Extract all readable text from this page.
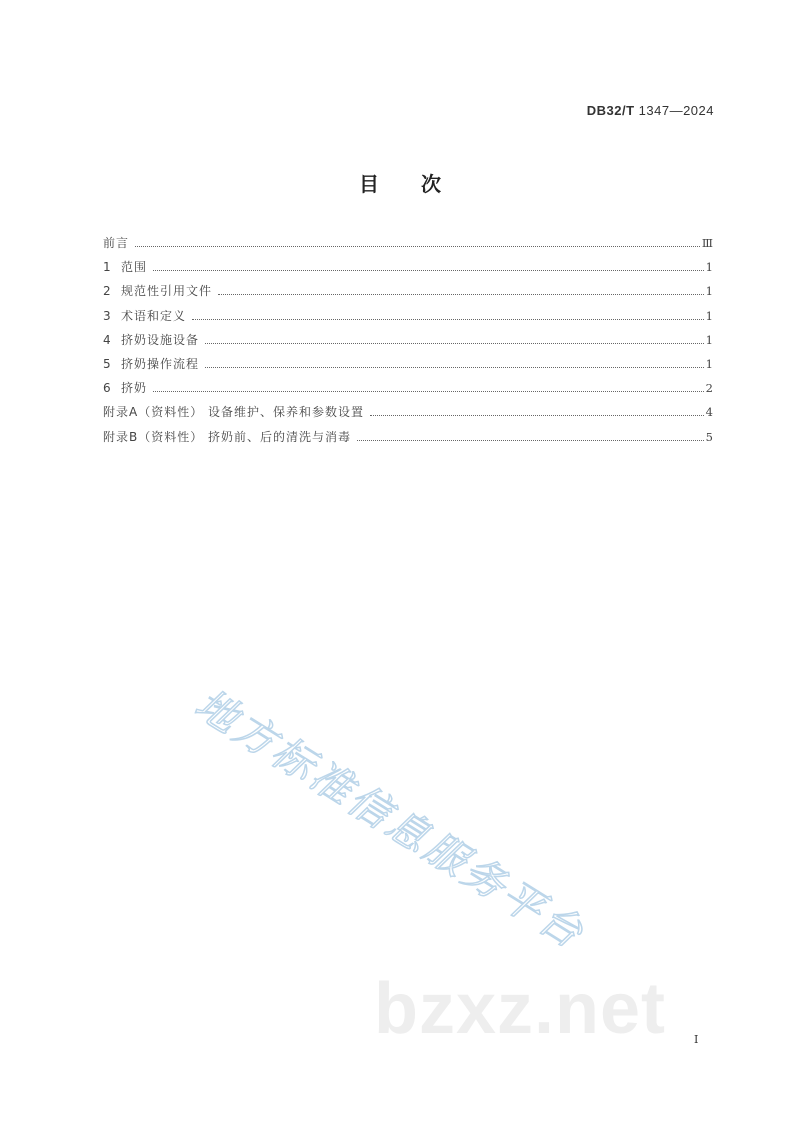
DB32/T 1347—2024
目次
前言	Ⅲ
1 范围	1
2 规范性引用文件	1
3 术语和定义	1
4 挤奶设施设备	1
5 挤奶操作流程	1
6 挤奶	2
附录A（资料性） 设备维护、保养和参数设置	4
附录B（资料性） 挤奶前、后的清洗与消毒	5
地方标准信息服务平台
bzxz.net	I
